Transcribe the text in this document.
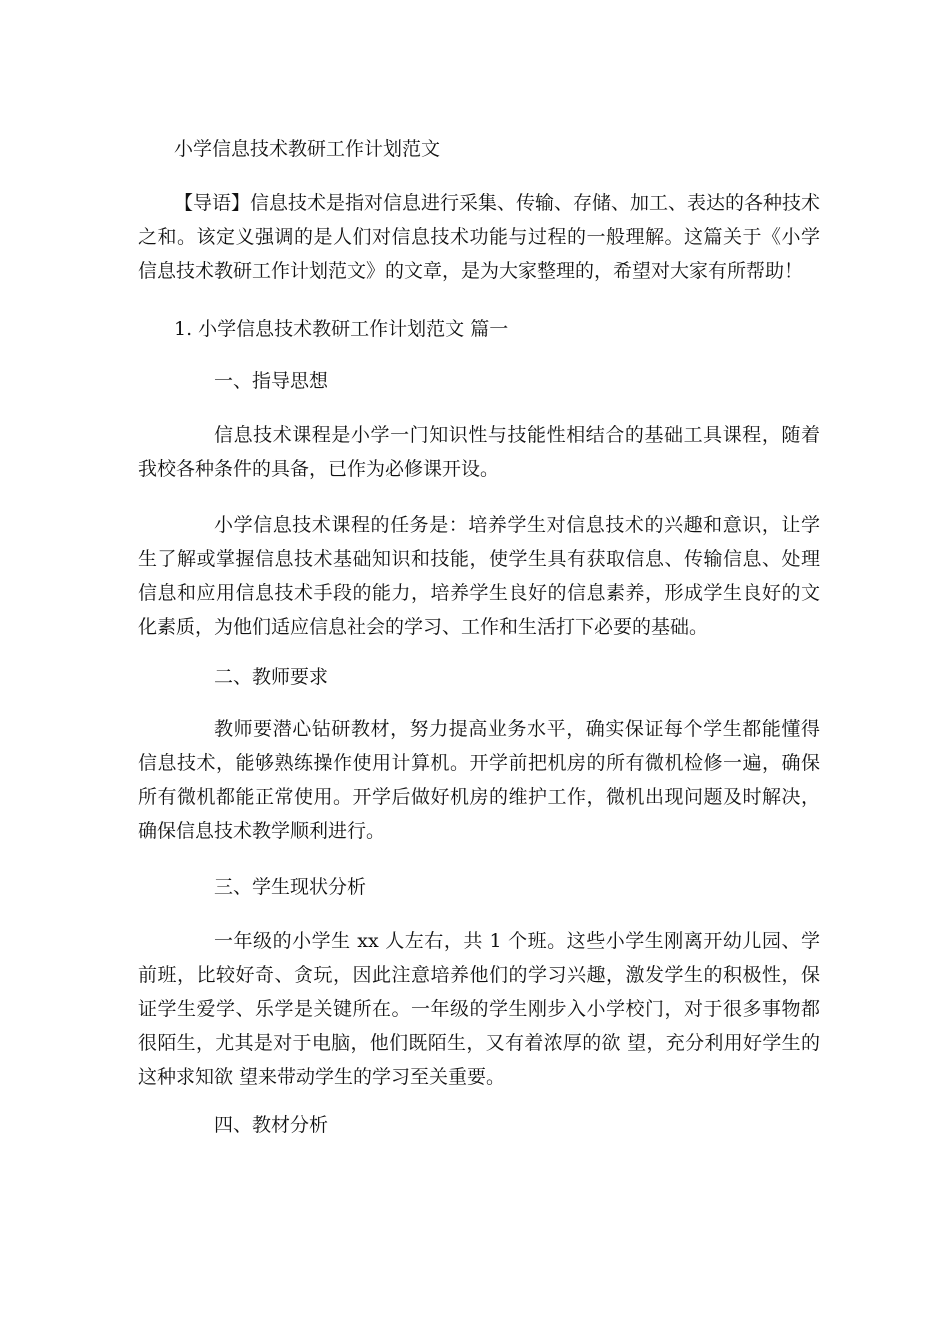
小学信息技术教研工作计划范文

【导语】信息技术是指对信息进行采集、传输、存储、加工、表达的各种技术之和。该定义强调的是人们对信息技术功能与过程的一般理解。这篇关于《小学信息技术教研工作计划范文》的文章，是为大家整理的，希望对大家有所帮助！

1. 小学信息技术教研工作计划范文 篇一

一、指导思想

信息技术课程是小学一门知识性与技能性相结合的基础工具课程，随着我校各种条件的具备，已作为必修课开设。

小学信息技术课程的任务是：培养学生对信息技术的兴趣和意识，让学生了解或掌握信息技术基础知识和技能，使学生具有获取信息、传输信息、处理信息和应用信息技术手段的能力，培养学生良好的信息素养，形成学生良好的文化素质，为他们适应信息社会的学习、工作和生活打下必要的基础。

二、教师要求

教师要潜心钻研教材，努力提高业务水平，确实保证每个学生都能懂得信息技术，能够熟练操作使用计算机。开学前把机房的所有微机检修一遍，确保所有微机都能正常使用。开学后做好机房的维护工作，微机出现问题及时解决，确保信息技术教学顺利进行。

三、学生现状分析

一年级的小学生 xx 人左右，共 1 个班。这些小学生刚离开幼儿园、学前班，比较好奇、贪玩，因此注意培养他们的学习兴趣，激发学生的积极性，保证学生爱学、乐学是关键所在。一年级的学生刚步入小学校门，对于很多事物都很陌生，尤其是对于电脑，他们既陌生，又有着浓厚的欲 望，充分利用好学生的这种求知欲 望来带动学生的学习至关重要。

四、教材分析
